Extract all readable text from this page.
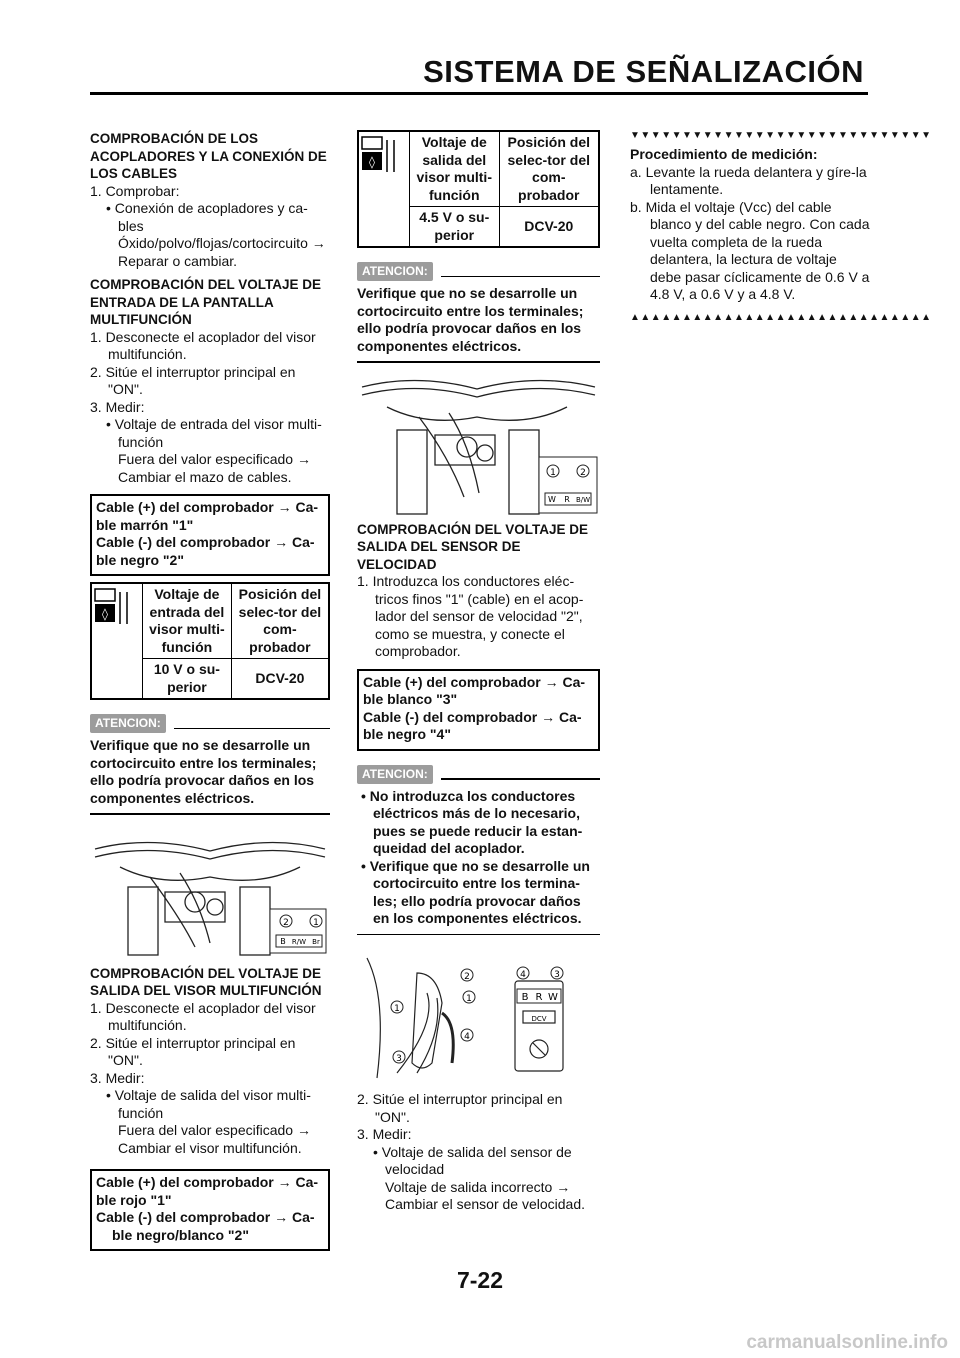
SISTEMA DE SEÑALIZACIÓN
COMPROBACIÓN DE LOS ACOPLADORES Y LA CONEXIÓN DE LOS CABLES

1. Comprobar:

• Conexión de acopladores y ca-bles

Óxido/polvo/flojas/cortocircuito →

Reparar o cambiar.

COMPROBACIÓN DEL VOLTAJE DE ENTRADA DE LA PANTALLA MULTIFUNCIÓN

1. Desconecte el acoplador del visor multifunción.

2. Sitúe el interruptor principal en "ON".

3. Medir:

• Voltaje de entrada del visor multi-función

Fuera del valor especificado →

Cambiar el mazo de cables.

Cable (+) del comprobador → Ca-ble marrón "1"

Cable (-) del comprobador → Ca-ble negro "2"

◊	Voltaje de entrada del visor multi-función	Posición del selec-tor del com-probador
	10 V o su-perior	DCV-20
ATENCION:

Verifique que no se desarrolle un cortocircuito entre los terminales; ello podría provocar daños en los componentes eléctricos.

2	1
B R/W Br
COMPROBACIÓN DEL VOLTAJE DE SALIDA DEL VISOR MULTIFUNCIÓN

1. Desconecte el acoplador del visor multifunción.

2. Sitúe el interruptor principal en "ON".

3. Medir:

• Voltaje de salida del visor multi-función

Fuera del valor especificado →

Cambiar el visor multifunción.

Cable (+) del comprobador → Ca-ble rojo "1"

Cable (-) del comprobador → Ca-ble negro/blanco "2"

◊	Voltaje de salida del visor multi-función	Posición del selec-tor del com-probador
	4.5 V o su-perior	DCV-20
ATENCION:

Verifique que no se desarrolle un cortocircuito entre los terminales; ello podría provocar daños en los componentes eléctricos.

1	2
W R B/W
COMPROBACIÓN DEL VOLTAJE DE SALIDA DEL SENSOR DE VELOCIDAD

1. Introduzca los conductores eléc-tricos finos "1" (cable) en el acop-lador del sensor de velocidad "2", como se muestra, y conecte el comprobador.

Cable (+) del comprobador → Ca-ble blanco "3"

Cable (-) del comprobador → Ca-ble negro "4"

ATENCION:

• No introduzca los conductores eléctricos más de lo necesario, pues se puede reducir la estan-queidad del acoplador.

• Verifique que no se desarrolle un cortocircuito entre los termina-les; ello podría provocar daños en los componentes eléctricos.

2
1
1
4
3
4	3
B R W
DCV

2. Sitúe el interruptor principal en "ON".

3. Medir:

• Voltaje de salida del sensor de velocidad

Voltaje de salida incorrecto →

Cambiar el sensor de velocidad.

▼▼▼▼▼▼▼▼▼▼▼▼▼▼▼▼▼▼▼▼▼▼▼▼▼▼▼▼▼

Procedimiento de medición:

a. Levante la rueda delantera y gíre-la lentamente.

b. Mida el voltaje (Vcc) del cable blanco y del cable negro. Con cada vuelta completa de la rueda delantera, la lectura de voltaje debe pasar cíclicamente de 0.6 V a 4.8 V, a 0.6 V y a 4.8 V.

▲▲▲▲▲▲▲▲▲▲▲▲▲▲▲▲▲▲▲▲▲▲▲▲▲▲▲▲▲
7-22
carmanualsonline.info
